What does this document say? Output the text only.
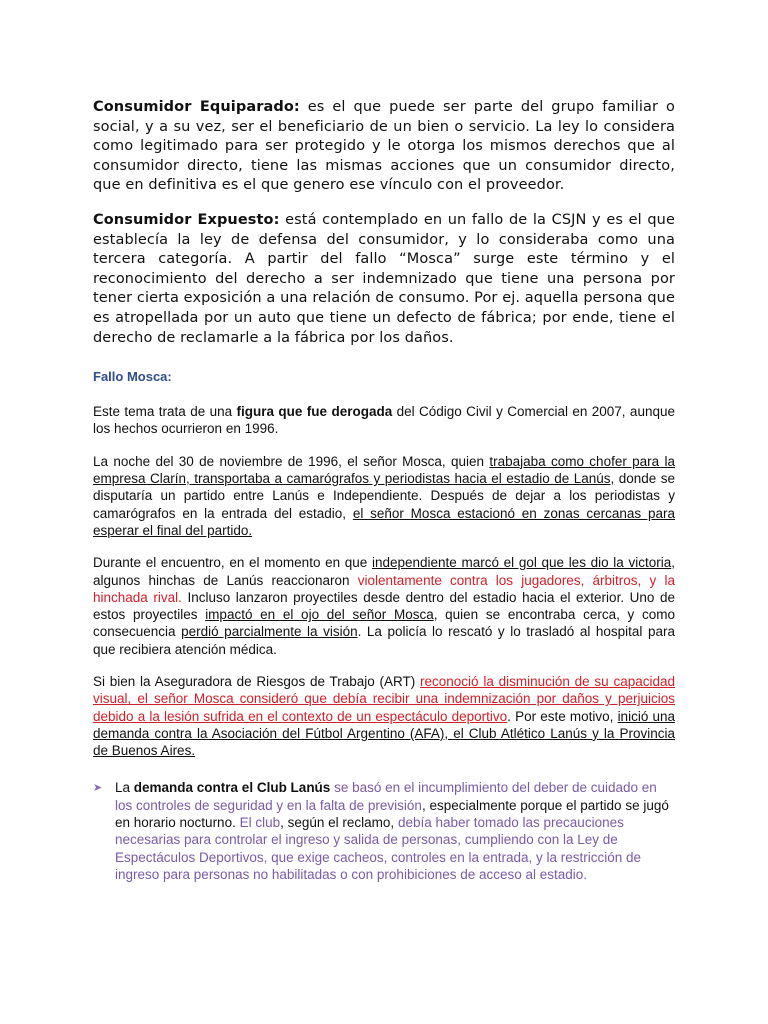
Consumidor Equiparado: es el que puede ser parte del grupo familiar o social, y a su vez, ser el beneficiario de un bien o servicio. La ley lo considera como legitimado para ser protegido y le otorga los mismos derechos que al consumidor directo, tiene las mismas acciones que un consumidor directo, que en definitiva es el que genero ese vínculo con el proveedor.

Consumidor Expuesto: está contemplado en un fallo de la CSJN y es el que establecía la ley de defensa del consumidor, y lo consideraba como una tercera categoría. A partir del fallo “Mosca” surge este término y el reconocimiento del derecho a ser indemnizado que tiene una persona por tener cierta exposición a una relación de consumo. Por ej. aquella persona que es atropellada por un auto que tiene un defecto de fábrica; por ende, tiene el derecho de reclamarle a la fábrica por los daños.

Fallo Mosca:

Este tema trata de una figura que fue derogada del Código Civil y Comercial en 2007, aunque los hechos ocurrieron en 1996.

La noche del 30 de noviembre de 1996, el señor Mosca, quien trabajaba como chofer para la empresa Clarín, transportaba a camarógrafos y periodistas hacia el estadio de Lanús, donde se disputaría un partido entre Lanús e Independiente. Después de dejar a los periodistas y camarógrafos en la entrada del estadio, el señor Mosca estacionó en zonas cercanas para esperar el final del partido.

Durante el encuentro, en el momento en que independiente marcó el gol que les dio la victoria, algunos hinchas de Lanús reaccionaron violentamente contra los jugadores, árbitros, y la hinchada rival. Incluso lanzaron proyectiles desde dentro del estadio hacia el exterior. Uno de estos proyectiles impactó en el ojo del señor Mosca, quien se encontraba cerca, y como consecuencia perdió parcialmente la visión. La policía lo rescató y lo trasladó al hospital para que recibiera atención médica.

Si bien la Aseguradora de Riesgos de Trabajo (ART) reconoció la disminución de su capacidad visual, el señor Mosca consideró que debía recibir una indemnización por daños y perjuicios debido a la lesión sufrida en el contexto de un espectáculo deportivo. Por este motivo, inició una demanda contra la Asociación del Fútbol Argentino (AFA), el Club Atlético Lanús y la Provincia de Buenos Aires.

➤ La demanda contra el Club Lanús se basó en el incumplimiento del deber de cuidado en los controles de seguridad y en la falta de previsión, especialmente porque el partido se jugó en horario nocturno. El club, según el reclamo, debía haber tomado las precauciones necesarias para controlar el ingreso y salida de personas, cumpliendo con la Ley de Espectáculos Deportivos, que exige cacheos, controles en la entrada, y la restricción de ingreso para personas no habilitadas o con prohibiciones de acceso al estadio.
